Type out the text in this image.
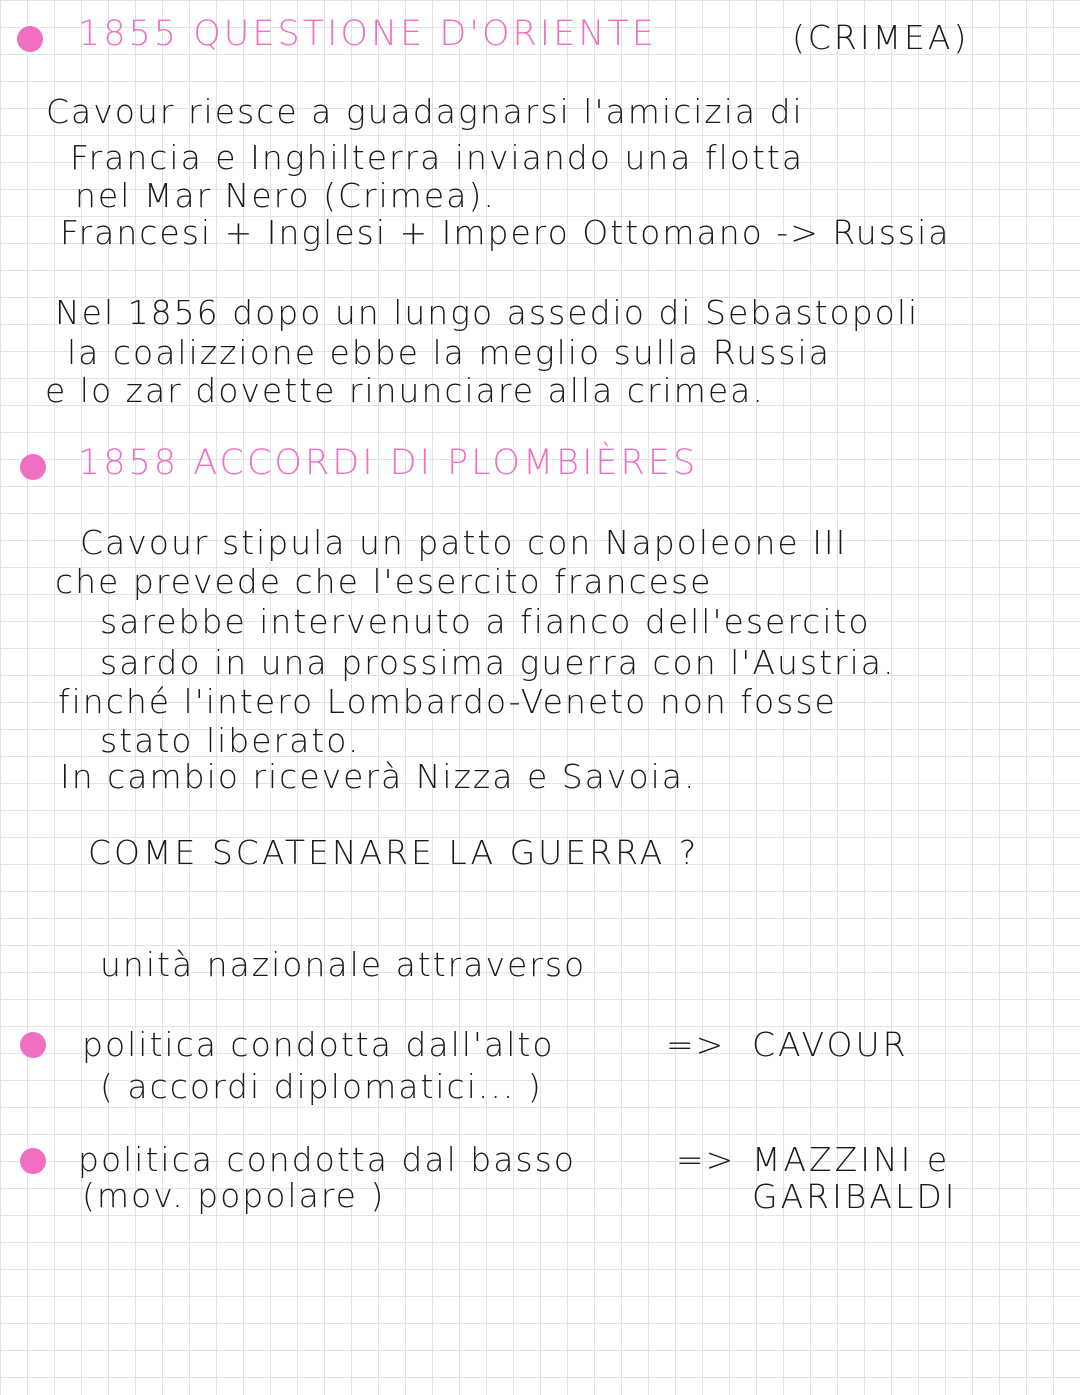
1855 QUESTIONE D'ORIENTE	(CRIMEA)
Cavour riesce a guadagnarsi l'amicizia di
Francia e Inghilterra inviando una flotta
nel Mar Nero (Crimea).
Francesi + Inglesi + Impero Ottomano -> Russia
Nel 1856 dopo un lungo assedio di Sebastopoli
la coalizzione ebbe la meglio sulla Russia
e lo zar dovette rinunciare alla crimea.
1858 ACCORDI DI PLOMBIÈRES
Cavour stipula un patto con Napoleone III
che prevede che l'esercito francese
sarebbe intervenuto a fianco dell'esercito
sardo in una prossima guerra con l'Austria.
finché l'intero Lombardo-Veneto non fosse
stato liberato.
In cambio riceverà Nizza e Savoia.
COME SCATENARE LA GUERRA ?
unità nazionale attraverso
politica condotta dall'alto	=> CAVOUR
( accordi diplomatici... )
politica condotta dal basso	=> MAZZINI e
GARIBALDI
(mov. popolare )
